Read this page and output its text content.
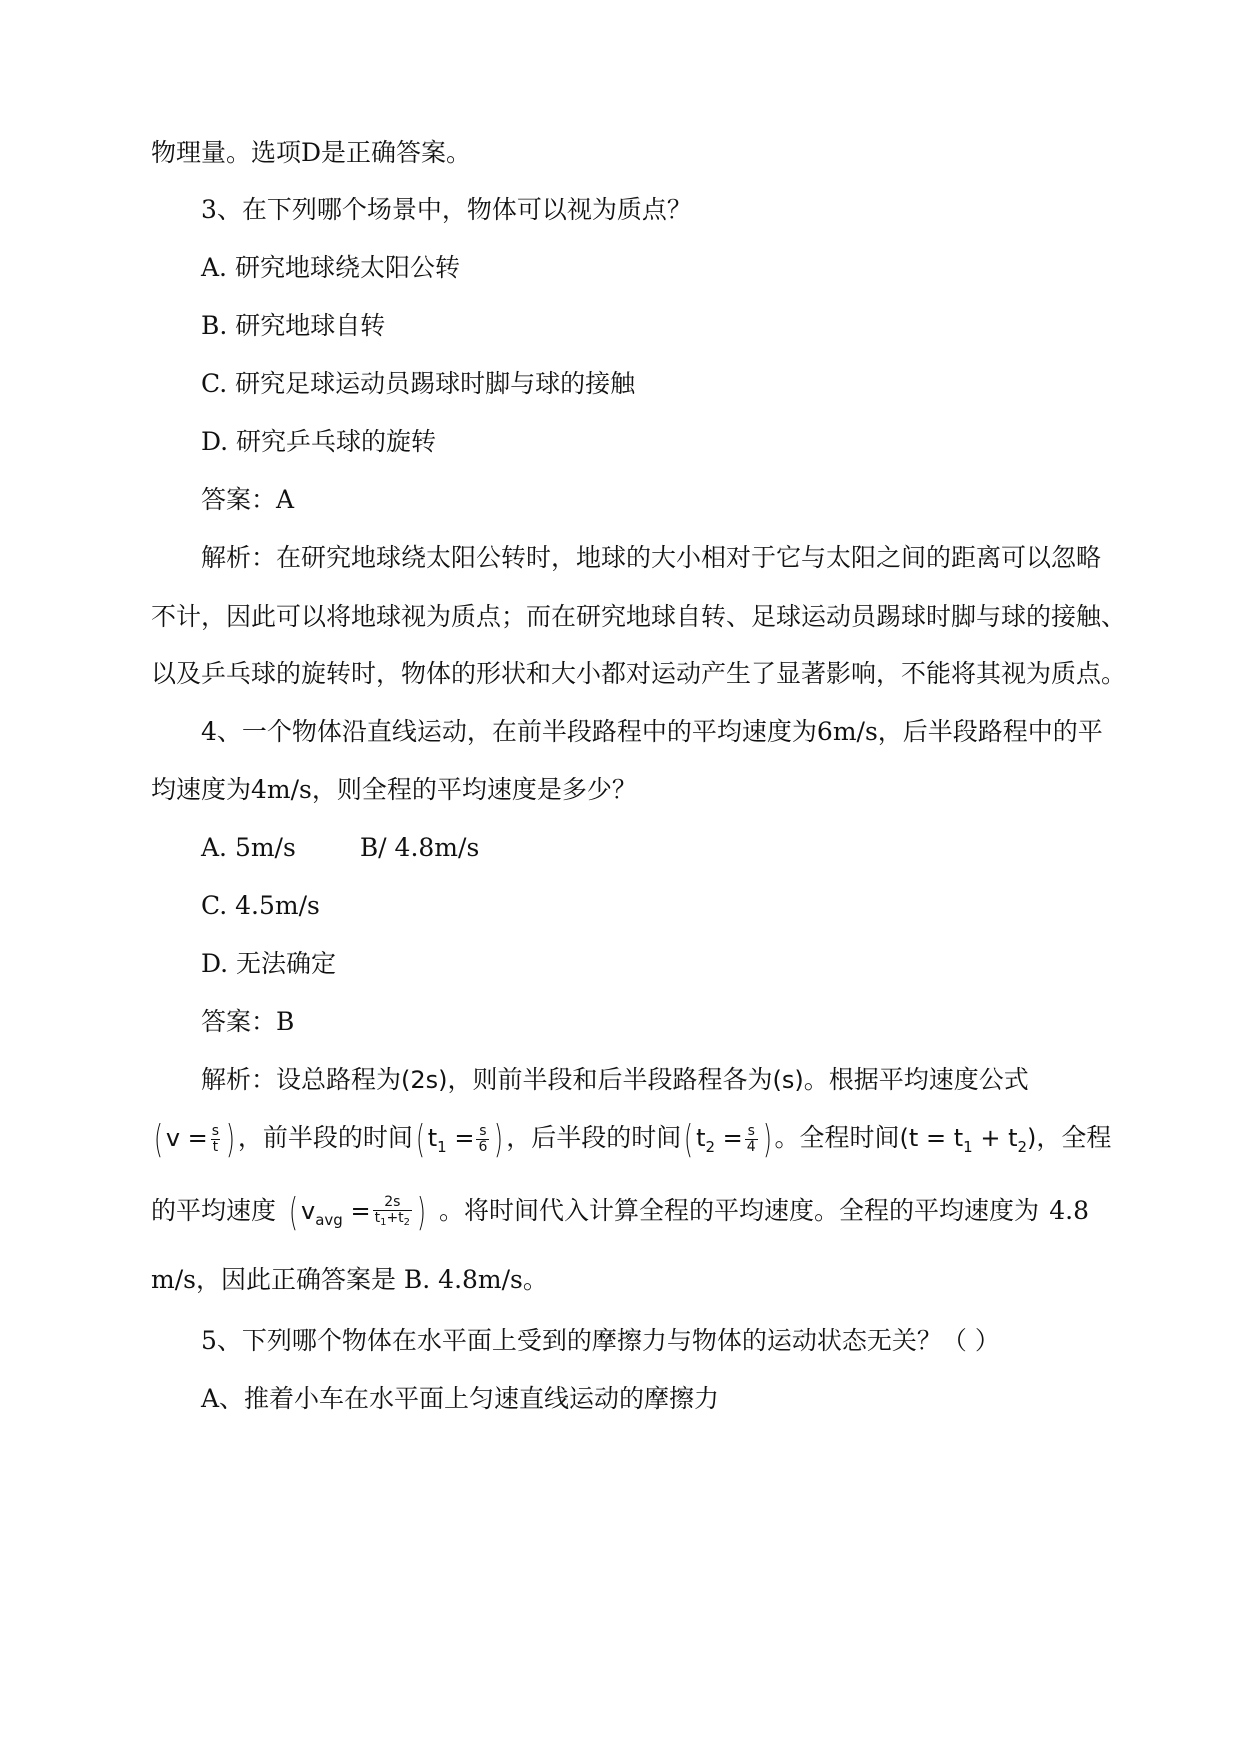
物理量。选项D是正确答案。
3、在下列哪个场景中，物体可以视为质点？
A. 研究地球绕太阳公转
B. 研究地球自转
C. 研究足球运动员踢球时脚与球的接触
D. 研究乒乓球的旋转
答案：A
解析：在研究地球绕太阳公转时，地球的大小相对于它与太阳之间的距离可以忽略
不计，因此可以将地球视为质点；而在研究地球自转、足球运动员踢球时脚与球的接触、
以及乒乓球的旋转时，物体的形状和大小都对运动产生了显著影响，不能将其视为质点。
4、一个物体沿直线运动，在前半段路程中的平均速度为6m/s，后半段路程中的平
均速度为4m/s，则全程的平均速度是多少？
A. 5m/s	B/ 4.8m/s
C. 4.5m/s
D. 无法确定
答案：B
解析：设总路程为(2s)，则前半段和后半段路程各为(s)。根据平均速度公式
( $v = \frac{s}{t}$ ) ，前半段的时间 ( $t_1 = \frac{s}{6}$ ) ，后半段的时间 ( $t_2 = \frac{s}{4}$ ) 。全程时间 $(t = t_1 + t_2)$ ，全程
的平均速度 ( $v_{avg} = \frac{2s}{t_1+t_2}$ ) 。将时间代入计算全程的平均速度。全程的平均速度为 4.8
m/s，因此正确答案是 B. 4.8m/s。
5、下列哪个物体在水平面上受到的摩擦力与物体的运动状态无关？（ ）
A、推着小车在水平面上匀速直线运动的摩擦力
